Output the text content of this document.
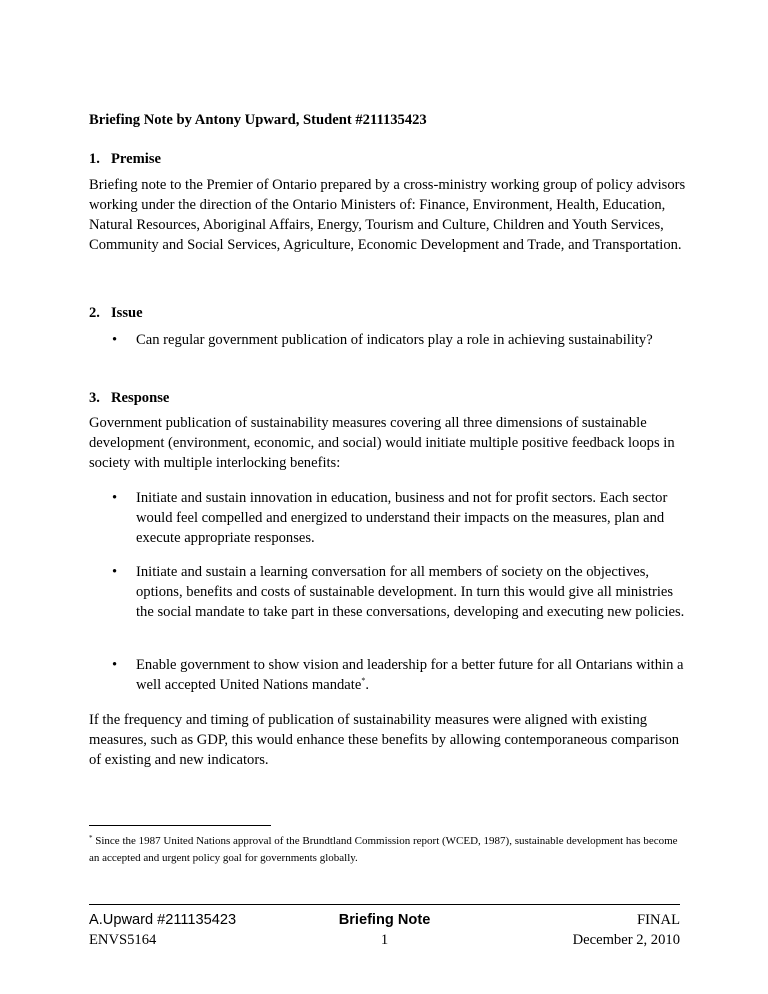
Briefing Note by Antony Upward, Student #211135423
1. Premise

Briefing note to the Premier of Ontario prepared by a cross-ministry working group of policy advisors working under the direction of the Ontario Ministers of: Finance, Environment, Health, Education, Natural Resources, Aboriginal Affairs, Energy, Tourism and Culture, Children and Youth Services, Community and Social Services, Agriculture, Economic Development and Trade, and Transportation.

2. Issue
•	Can regular government publication of indicators play a role in achieving sustainability?
3. Response

Government publication of sustainability measures covering all three dimensions of sustainable development (environment, economic, and social) would initiate multiple positive feedback loops in society with multiple interlocking benefits:

•	Initiate and sustain innovation in education, business and not for profit sectors. Each sector would feel compelled and energized to understand their impacts on the measures, plan and execute appropriate responses.
•	Initiate and sustain a learning conversation for all members of society on the objectives, options, benefits and costs of sustainable development. In turn this would give all ministries the social mandate to take part in these conversations, developing and executing new policies.
•	Enable government to show vision and leadership for a better future for all Ontarians within a well accepted United Nations mandate*.

If the frequency and timing of publication of sustainability measures were aligned with existing measures, such as GDP, this would enhance these benefits by allowing contemporaneous comparison of existing and new indicators.

* Since the 1987 United Nations approval of the Brundtland Commission report (WCED, 1987), sustainable development has become an accepted and urgent policy goal for governments globally.
A.Upward #211135423	Briefing Note	FINAL
ENVS5164	1	December 2, 2010
